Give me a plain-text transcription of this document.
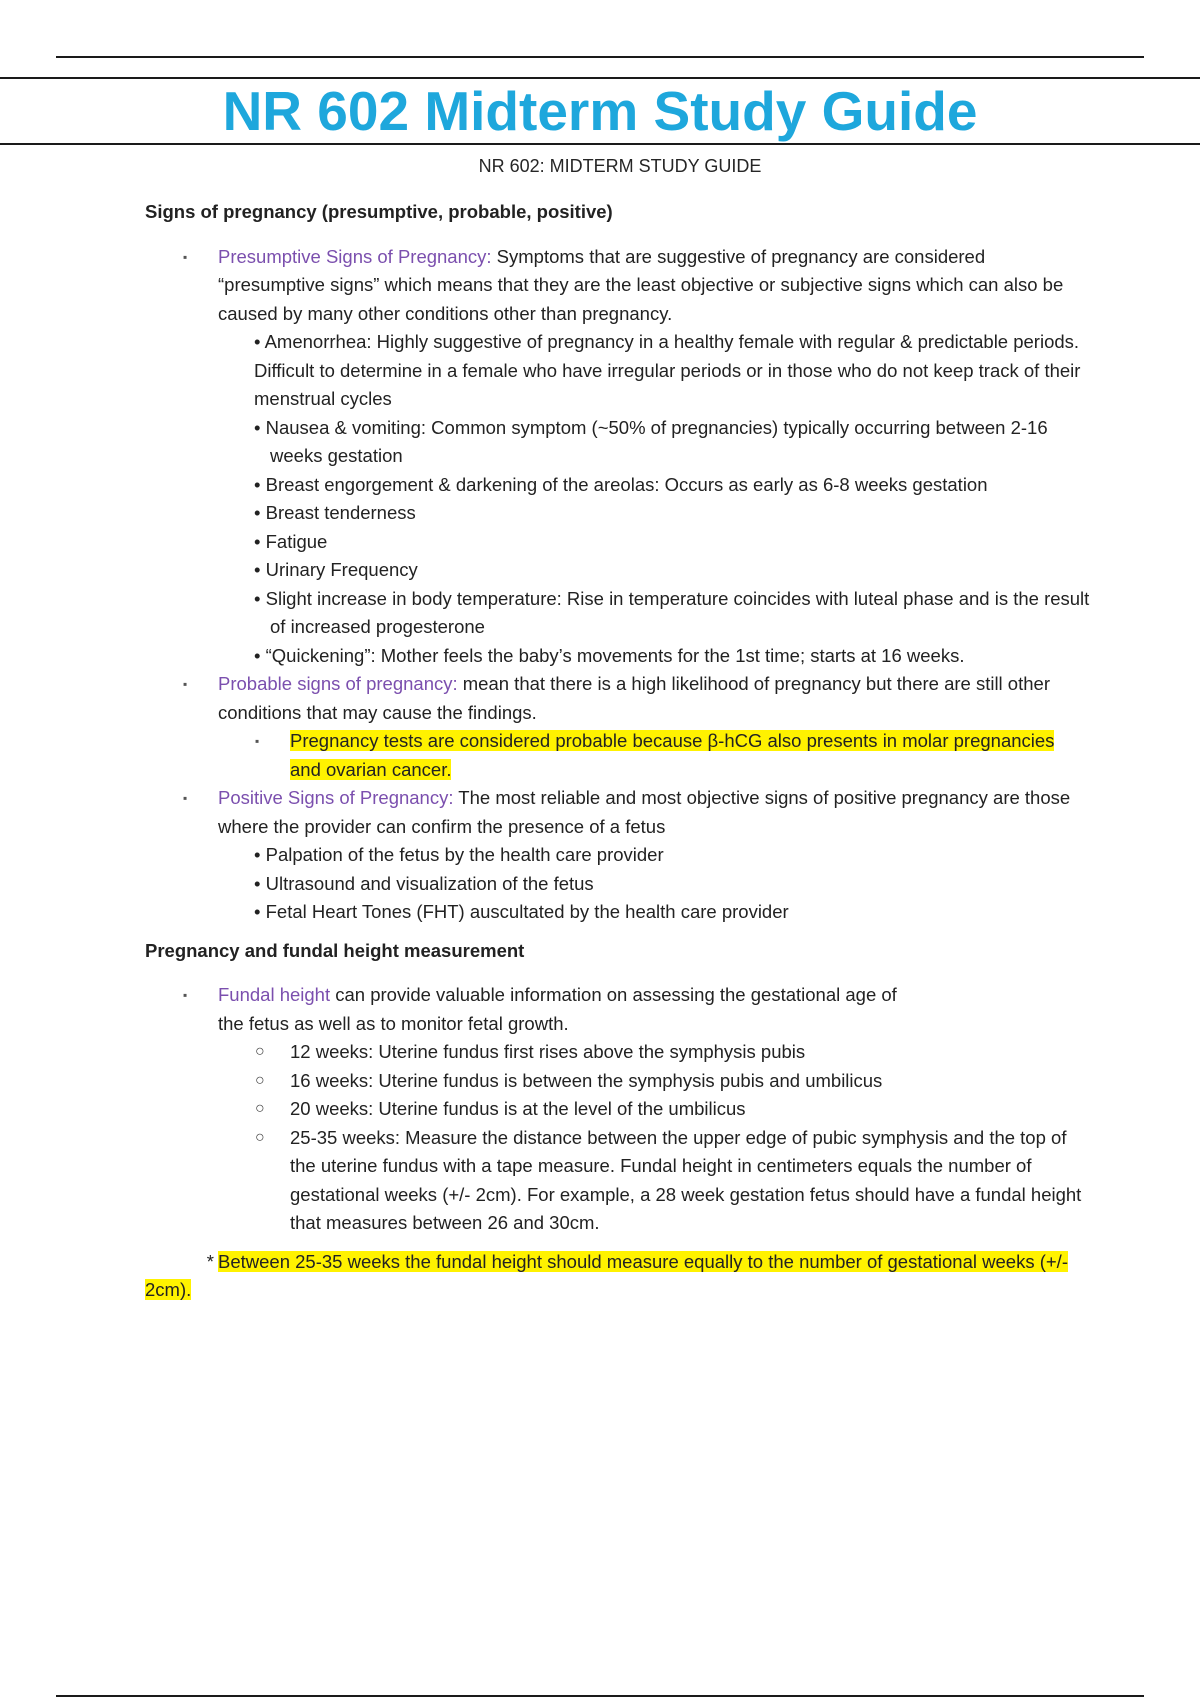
NR 602 Midterm Study Guide
NR 602: MIDTERM STUDY GUIDE
Signs of pregnancy (presumptive, probable, positive)
▪ Presumptive Signs of Pregnancy: Symptoms that are suggestive of pregnancy are considered “presumptive signs” which means that they are the least objective or subjective signs which can also be caused by many other conditions other than pregnancy.
• Amenorrhea: Highly suggestive of pregnancy in a healthy female with regular & predictable periods. Difficult to determine in a female who have irregular periods or in those who do not keep track of their menstrual cycles
• Nausea & vomiting: Common symptom (~50% of pregnancies) typically occurring between 2-16 weeks gestation
• Breast engorgement & darkening of the areolas: Occurs as early as 6-8 weeks gestation
• Breast tenderness
• Fatigue
• Urinary Frequency
• Slight increase in body temperature: Rise in temperature coincides with luteal phase and is the result of increased progesterone
• “Quickening”: Mother feels the baby’s movements for the 1st time; starts at 16 weeks.
▪ Probable signs of pregnancy: mean that there is a high likelihood of pregnancy but there are still other conditions that may cause the findings.
▪ Pregnancy tests are considered probable because β-hCG also presents in molar pregnancies and ovarian cancer.
▪ Positive Signs of Pregnancy: The most reliable and most objective signs of positive pregnancy are those where the provider can confirm the presence of a fetus
• Palpation of the fetus by the health care provider
• Ultrasound and visualization of the fetus
• Fetal Heart Tones (FHT) auscultated by the health care provider
Pregnancy and fundal height measurement
▪ Fundal height can provide valuable information on assessing the gestational age of the fetus as well as to monitor fetal growth.
○ 12 weeks: Uterine fundus first rises above the symphysis pubis
○ 16 weeks: Uterine fundus is between the symphysis pubis and umbilicus
○ 20 weeks: Uterine fundus is at the level of the umbilicus
○ 25-35 weeks: Measure the distance between the upper edge of pubic symphysis and the top of the uterine fundus with a tape measure. Fundal height in centimeters equals the number of gestational weeks (+/- 2cm). For example, a 28 week gestation fetus should have a fundal height that measures between 26 and 30cm.
* Between 25-35 weeks the fundal height should measure equally to the number of gestational weeks (+/- 2cm).
